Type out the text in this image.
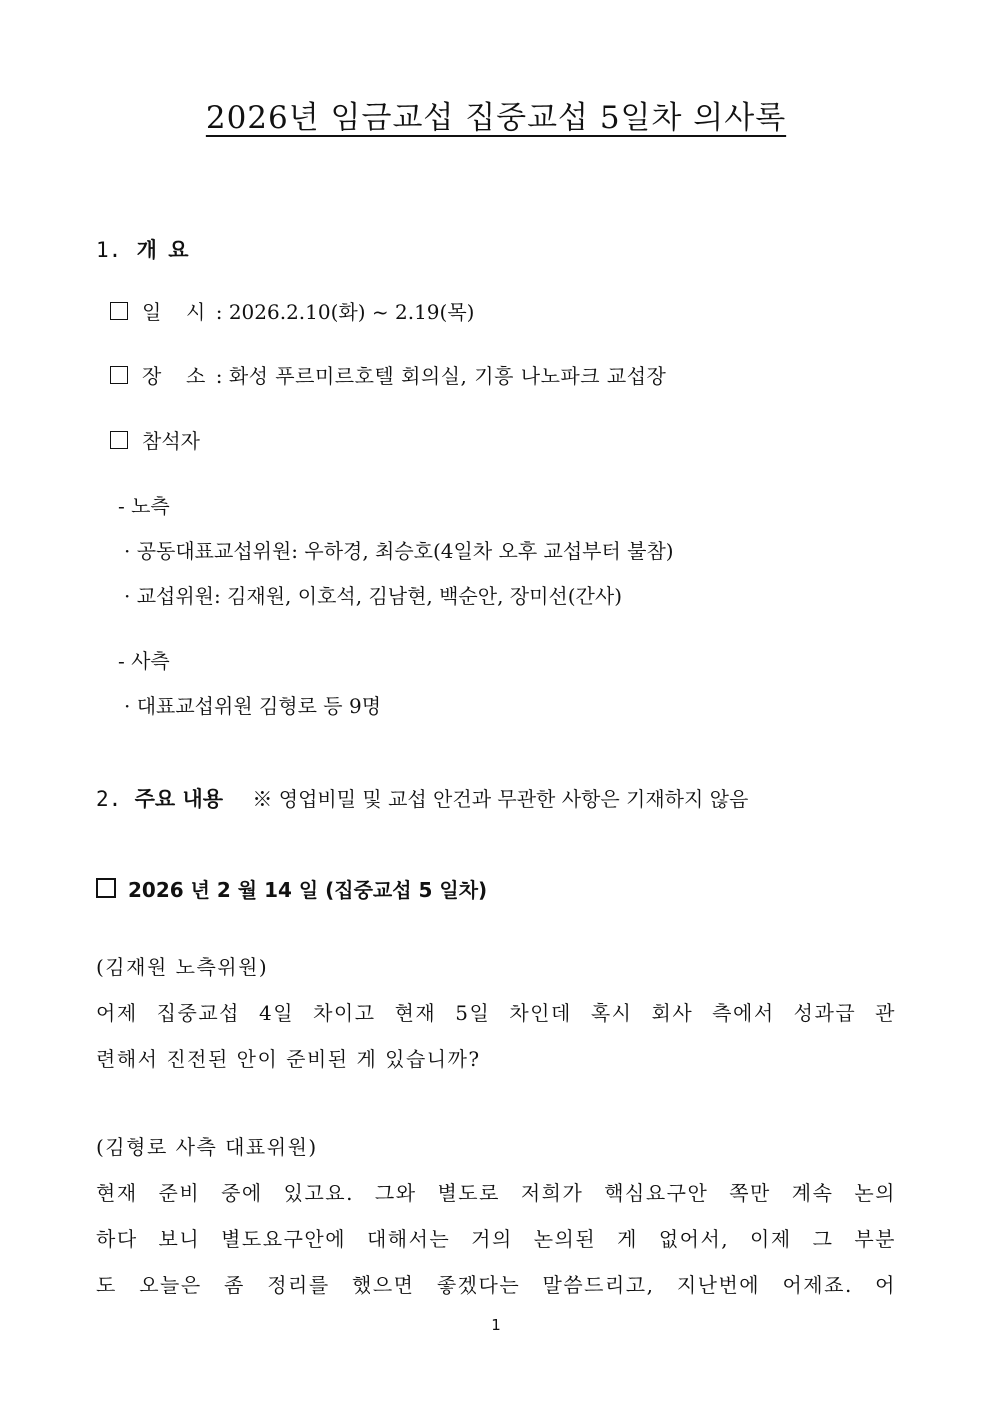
2026년 임금교섭 집중교섭 5일차 의사록
1. 개 요
일  시 : 2026.2.10(화) ~ 2.19(목)
장  소 : 화성 푸르미르호텔 회의실, 기흥 나노파크 교섭장
참석자
- 노측
· 공동대표교섭위원: 우하경, 최승호(4일차 오후 교섭부터 불참)
· 교섭위원: 김재원, 이호석, 김남현, 백순안, 장미선(간사)
- 사측
· 대표교섭위원 김형로 등 9명
2. 주요 내용 ※ 영업비밀 및 교섭 안건과 무관한 사항은 기재하지 않음
2026 년 2 월 14 일 (집중교섭 5 일차)
(김재원 노측위원)
어제 집중교섭 4일 차이고 현재 5일 차인데 혹시 회사 측에서 성과급 관
련해서 진전된 안이 준비된 게 있습니까?
(김형로 사측 대표위원)
현재 준비 중에 있고요. 그와 별도로 저희가 핵심요구안 쪽만 계속 논의
하다 보니 별도요구안에 대해서는 거의 논의된 게 없어서, 이제 그 부분
도 오늘은 좀 정리를 했으면 좋겠다는 말씀드리고, 지난번에 어제죠. 어
1
